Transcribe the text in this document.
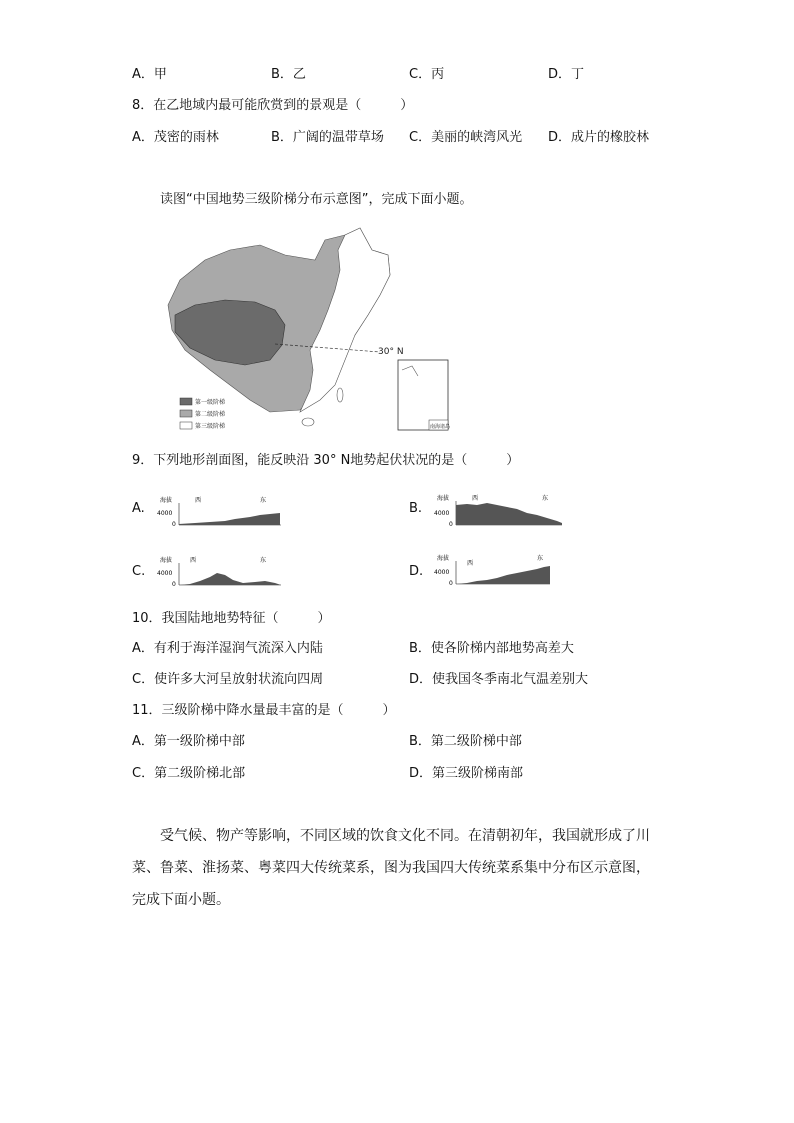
A．甲	B．乙	C．丙	D．丁
8．在乙地域内最可能欣赏到的景观是（　　　）
A．茂密的雨林	B．广阔的温带草场 C．美丽的峡湾风光 D．成片的橡胶林
读图“中国地势三级阶梯分布示意图”，完成下面小题。
30° N
南海诸岛
第一级阶梯
第二级阶梯
第三级阶梯
9．下列地形剖面图，能反映沿 30° N地势起伏状况的是（　　　）
A.	B.
C.	D.
海拔	西	东
4000
0
海拔	西	东
4000
0
海拔	西	东
4000
0
海拔
西
东
4000
0
10．我国陆地地势特征（　　　）
A．有利于海洋湿润气流深入内陆	B．使各阶梯内部地势高差大
C．使许多大河呈放射状流向四周	D．使我国冬季南北气温差别大
11．三级阶梯中降水量最丰富的是（　　　）
A．第一级阶梯中部	B．第二级阶梯中部
C．第二级阶梯北部	D．第三级阶梯南部
受气候、物产等影响，不同区域的饮食文化不同。在清朝初年，我国就形成了川菜、鲁菜、淮扬菜、粤菜四大传统菜系，图为我国四大传统菜系集中分布区示意图，完成下面小题。
